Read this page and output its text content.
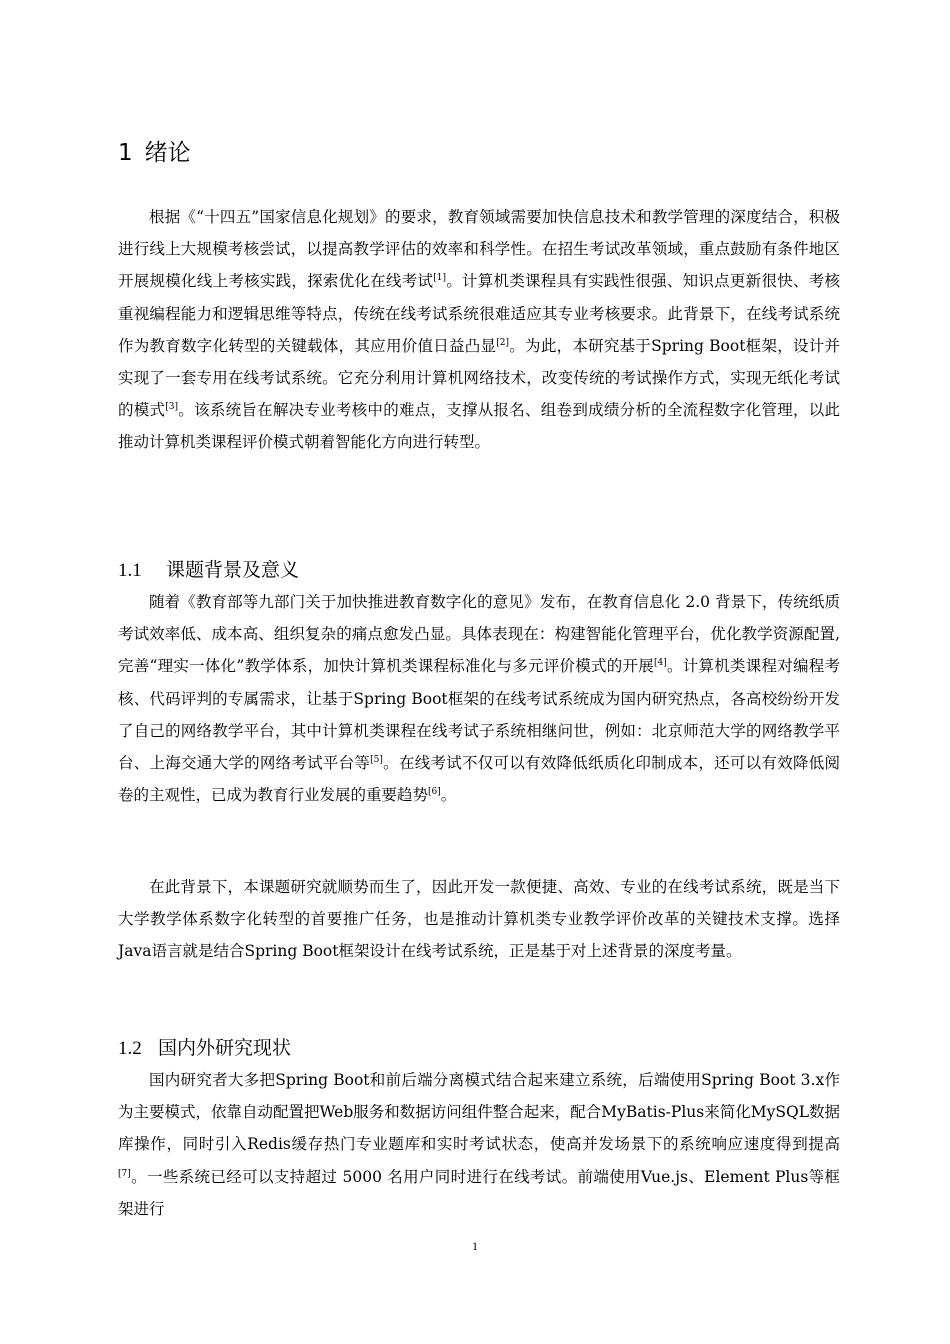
1 绪论

根据《“十四五”国家信息化规划》的要求，教育领域需要加快信息技术和教学管理的深度结合，积极进行线上大规模考核尝试，以提高教学评估的效率和科学性。在招生考试改革领域，重点鼓励有条件地区开展规模化线上考核实践，探索优化在线考试[1]。计算机类课程具有实践性很强、知识点更新很快、考核重视编程能力和逻辑思维等特点，传统在线考试系统很难适应其专业考核要求。此背景下，在线考试系统作为教育数字化转型的关键载体，其应用价值日益凸显[2]。为此，本研究基于Spring Boot框架，设计并实现了一套专用在线考试系统。它充分利用计算机网络技术，改变传统的考试操作方式，实现无纸化考试的模式[3]。该系统旨在解决专业考核中的难点，支撑从报名、组卷到成绩分析的全流程数字化管理，以此推动计算机类课程评价模式朝着智能化方向进行转型。

1.1 课题背景及意义

随着《教育部等九部门关于加快推进教育数字化的意见》发布，在教育信息化 2.0 背景下，传统纸质考试效率低、成本高、组织复杂的痛点愈发凸显。具体表现在：构建智能化管理平台，优化教学资源配置,完善“理实一体化”教学体系，加快计算机类课程标准化与多元评价模式的开展[4]。计算机类课程对编程考核、代码评判的专属需求，让基于Spring Boot框架的在线考试系统成为国内研究热点，各高校纷纷开发了自己的网络教学平台，其中计算机类课程在线考试子系统相继问世，例如：北京师范大学的网络教学平台、上海交通大学的网络考试平台等[5]。在线考试不仅可以有效降低纸质化印制成本，还可以有效降低阅卷的主观性，已成为教育行业发展的重要趋势[6]。

在此背景下，本课题研究就顺势而生了，因此开发一款便捷、高效、专业的在线考试系统，既是当下大学教学体系数字化转型的首要推广任务，也是推动计算机类专业教学评价改革的关键技术支撑。选择Java语言就是结合Spring Boot框架设计在线考试系统，正是基于对上述背景的深度考量。

1.2 国内外研究现状

国内研究者大多把Spring Boot和前后端分离模式结合起来建立系统，后端使用Spring Boot 3.x作为主要模式，依靠自动配置把Web服务和数据访问组件整合起来，配合MyBatis-Plus来简化MySQL数据库操作，同时引入Redis缓存热门专业题库和实时考试状态，使高并发场景下的系统响应速度得到提高[7]。一些系统已经可以支持超过 5000 名用户同时进行在线考试。前端使用Vue.js、Element Plus等框架进行

1
